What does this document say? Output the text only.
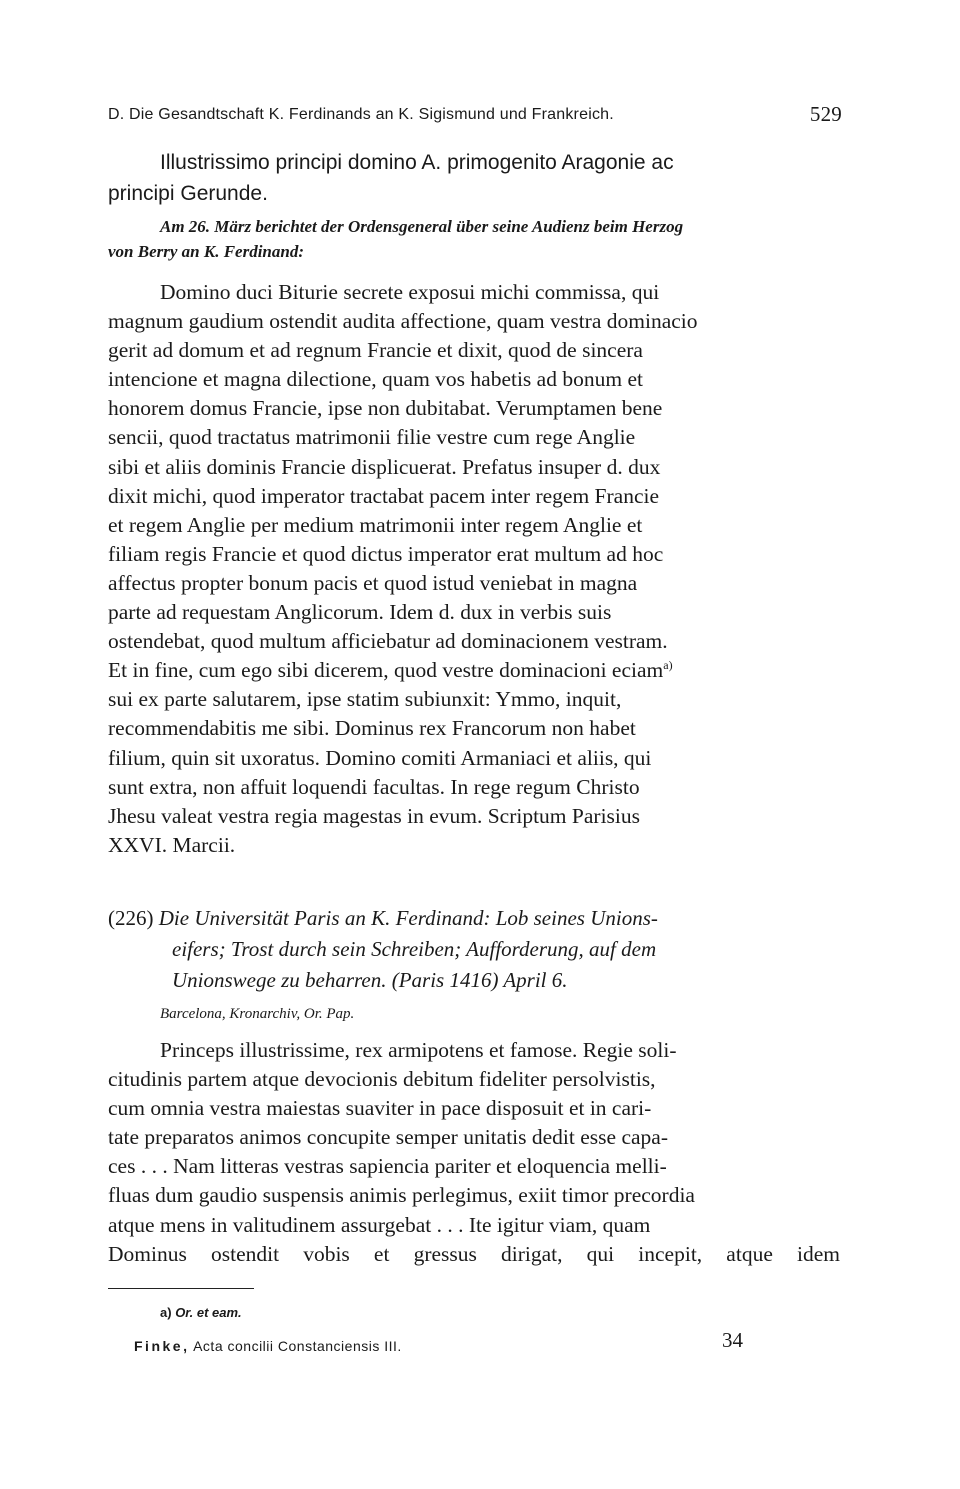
D. Die Gesandtschaft K. Ferdinands an K. Sigismund und Frankreich.	529

Illustrissimo principi domino A. primogenito Aragonie ac

principi Gerunde.

Am 26. März berichtet der Ordensgeneral über seine Audienz beim Herzog
von Berry an K. Ferdinand:

Domino duci Biturie secrete exposui michi commissa, qui

magnum gaudium ostendit audita affectione, quam vestra dominacio

gerit ad domum et ad regnum Francie et dixit, quod de sincera

intencione et magna dilectione, quam vos habetis ad bonum et

honorem domus Francie, ipse non dubitabat. Verumptamen bene

sencii, quod tractatus matrimonii filie vestre cum rege Anglie

sibi et aliis dominis Francie displicuerat. Prefatus insuper d. dux

dixit michi, quod imperator tractabat pacem inter regem Francie

et regem Anglie per medium matrimonii inter regem Anglie et

filiam regis Francie et quod dictus imperator erat multum ad hoc

affectus propter bonum pacis et quod istud veniebat in magna

parte ad requestam Anglicorum. Idem d. dux in verbis suis

ostendebat, quod multum afficiebatur ad dominacionem vestram.

Et in fine, cum ego sibi dicerem, quod vestre dominacioni eciam$^{a)}$

sui ex parte salutarem, ipse statim subiunxit: Ymmo, inquit,

recommendabitis me sibi. Dominus rex Francorum non habet

filium, quin sit uxoratus. Domino comiti Armaniaci et aliis, qui

sunt extra, non affuit loquendi facultas. In rege regum Christo

Jhesu valeat vestra regia magestas in evum. Scriptum Parisius

XXVI. Marcii.

(226) Die Universität Paris an K. Ferdinand: Lob seines Unions-
eifers; Trost durch sein Schreiben; Aufforderung, auf dem
Unionswege zu beharren. (Paris 1416) April 6.

Barcelona, Kronarchiv, Or. Pap.

Princeps illustrissime, rex armipotens et famose. Regie soli-

citudinis partem atque devocionis debitum fideliter persolvistis,

cum omnia vestra maiestas suaviter in pace disposuit et in cari-

tate preparatos animos concupite semper unitatis dedit esse capa-

ces . . . Nam litteras vestras sapiencia pariter et eloquencia melli-

fluas dum gaudio suspensis animis perlegimus, exiit timor precordia

atque mens in valitudinem assurgebat . . . Ite igitur viam, quam

Dominus ostendit vobis et gressus dirigat, qui incepit, atque idem

a) Or. et eam.
Finke, Acta concilii Constanciensis III.	34
